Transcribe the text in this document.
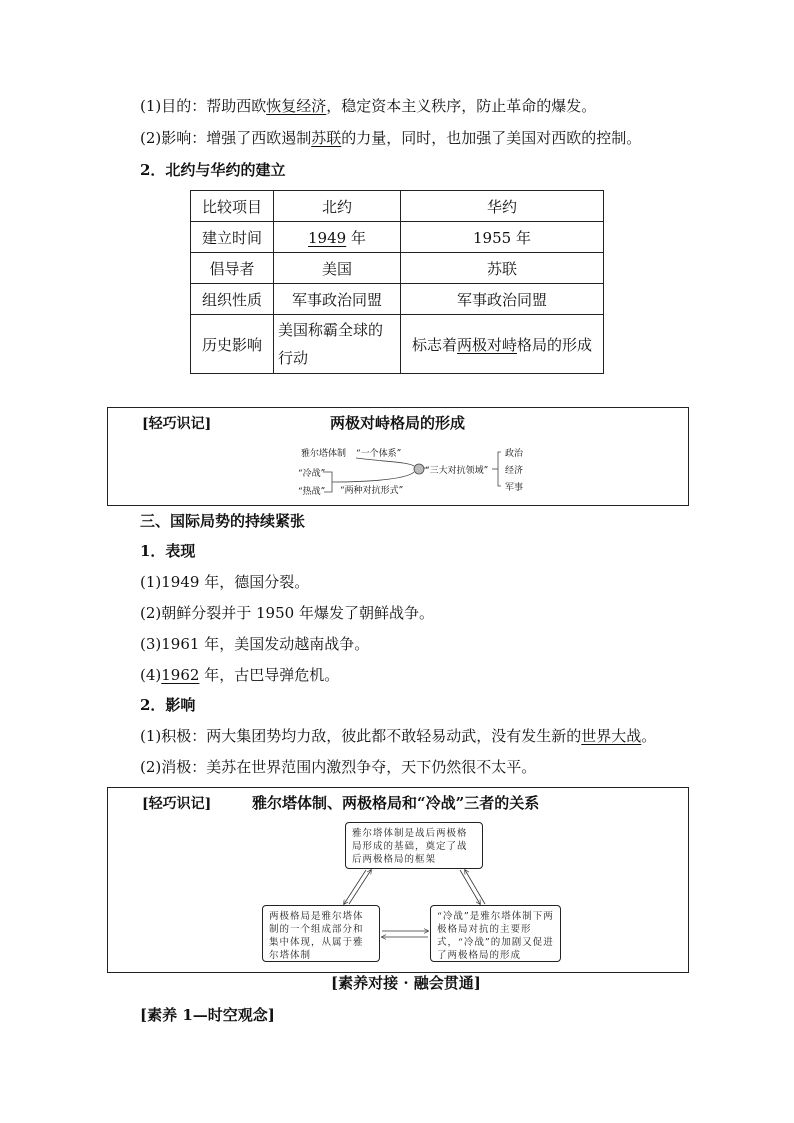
(1)目的：帮助西欧恢复经济，稳定资本主义秩序，防止革命的爆发。
(2)影响：增强了西欧遏制苏联的力量，同时，也加强了美国对西欧的控制。
2．北约与华约的建立
比较项目	北约	华约
建立时间	1949 年	1955 年
倡导者	美国	苏联
组织性质	军事政治同盟	军事政治同盟
历史影响	美国称霸全球的行动	标志着两极对峙格局的形成
[轻巧识记]	两极对峙格局的形成
雅尔塔体制 “一个体系”
“冷战”
“热战” “两种对抗形式”
“三大对抗领域”
政治
经济
军事
三、国际局势的持续紧张
1．表现
(1)1949 年，德国分裂。
(2)朝鲜分裂并于 1950 年爆发了朝鲜战争。
(3)1961 年，美国发动越南战争。
(4)1962 年，古巴导弹危机。
2．影响
(1)积极：两大集团势均力敌，彼此都不敢轻易动武，没有发生新的世界大战。
(2)消极：美苏在世界范围内激烈争夺，天下仍然很不太平。
[轻巧识记]	雅尔塔体制、两极格局和“冷战”三者的关系
雅尔塔体制是战后两极格局形成的基础，奠定了战后两极格局的框架
两极格局是雅尔塔体制的一个组成部分和集中体现，从属于雅尔塔体制
“冷战”是雅尔塔体制下两极格局对抗的主要形式，“冷战”的加剧又促进了两极格局的形成
[素养对接 · 融会贯通]
[素养 1—时空观念]
